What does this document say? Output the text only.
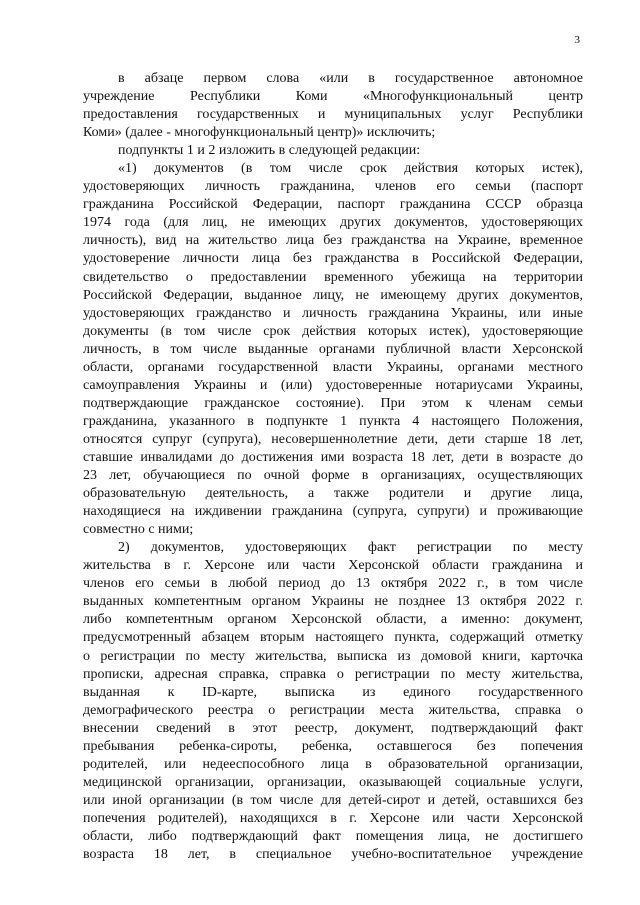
3
в абзаце первом слова «или в государственное автономное
учреждение Республики Коми «Многофункциональный центр
предоставления государственных и муниципальных услуг Республики
Коми» (далее - многофункциональный центр)» исключить;
подпункты 1 и 2 изложить в следующей редакции:
«1) документов (в том числе срок действия которых истек),
удостоверяющих личность гражданина, членов его семьи (паспорт
гражданина Российской Федерации, паспорт гражданина СССР образца
1974 года (для лиц, не имеющих других документов, удостоверяющих
личность), вид на жительство лица без гражданства на Украине, временное
удостоверение личности лица без гражданства в Российской Федерации,
свидетельство о предоставлении временного убежища на территории
Российской Федерации, выданное лицу, не имеющему других документов,
удостоверяющих гражданство и личность гражданина Украины, или иные
документы (в том числе срок действия которых истек), удостоверяющие
личность, в том числе выданные органами публичной власти Херсонской
области, органами государственной власти Украины, органами местного
самоуправления Украины и (или) удостоверенные нотариусами Украины,
подтверждающие гражданское состояние). При этом к членам семьи
гражданина, указанного в подпункте 1 пункта 4 настоящего Положения,
относятся супруг (супруга), несовершеннолетние дети, дети старше 18 лет,
ставшие инвалидами до достижения ими возраста 18 лет, дети в возрасте до
23 лет, обучающиеся по очной форме в организациях, осуществляющих
образовательную деятельность, а также родители и другие лица,
находящиеся на иждивении гражданина (супруга, супруги) и проживающие
совместно с ними;
2) документов, удостоверяющих факт регистрации по месту
жительства в г. Херсоне или части Херсонской области гражданина и
членов его семьи в любой период до 13 октября 2022 г., в том числе
выданных компетентным органом Украины не позднее 13 октября 2022 г.
либо компетентным органом Херсонской области, а именно: документ,
предусмотренный абзацем вторым настоящего пункта, содержащий отметку
о регистрации по месту жительства, выписка из домовой книги, карточка
прописки, адресная справка, справка о регистрации по месту жительства,
выданная к ID-карте, выписка из единого государственного
демографического реестра о регистрации места жительства, справка о
внесении сведений в этот реестр, документ, подтверждающий факт
пребывания ребенка-сироты, ребенка, оставшегося без попечения
родителей, или недееспособного лица в образовательной организации,
медицинской организации, организации, оказывающей социальные услуги,
или иной организации (в том числе для детей-сирот и детей, оставшихся без
попечения родителей), находящихся в г. Херсоне или части Херсонской
области, либо подтверждающий факт помещения лица, не достигшего
возраста 18 лет, в специальное учебно-воспитательное учреждение
